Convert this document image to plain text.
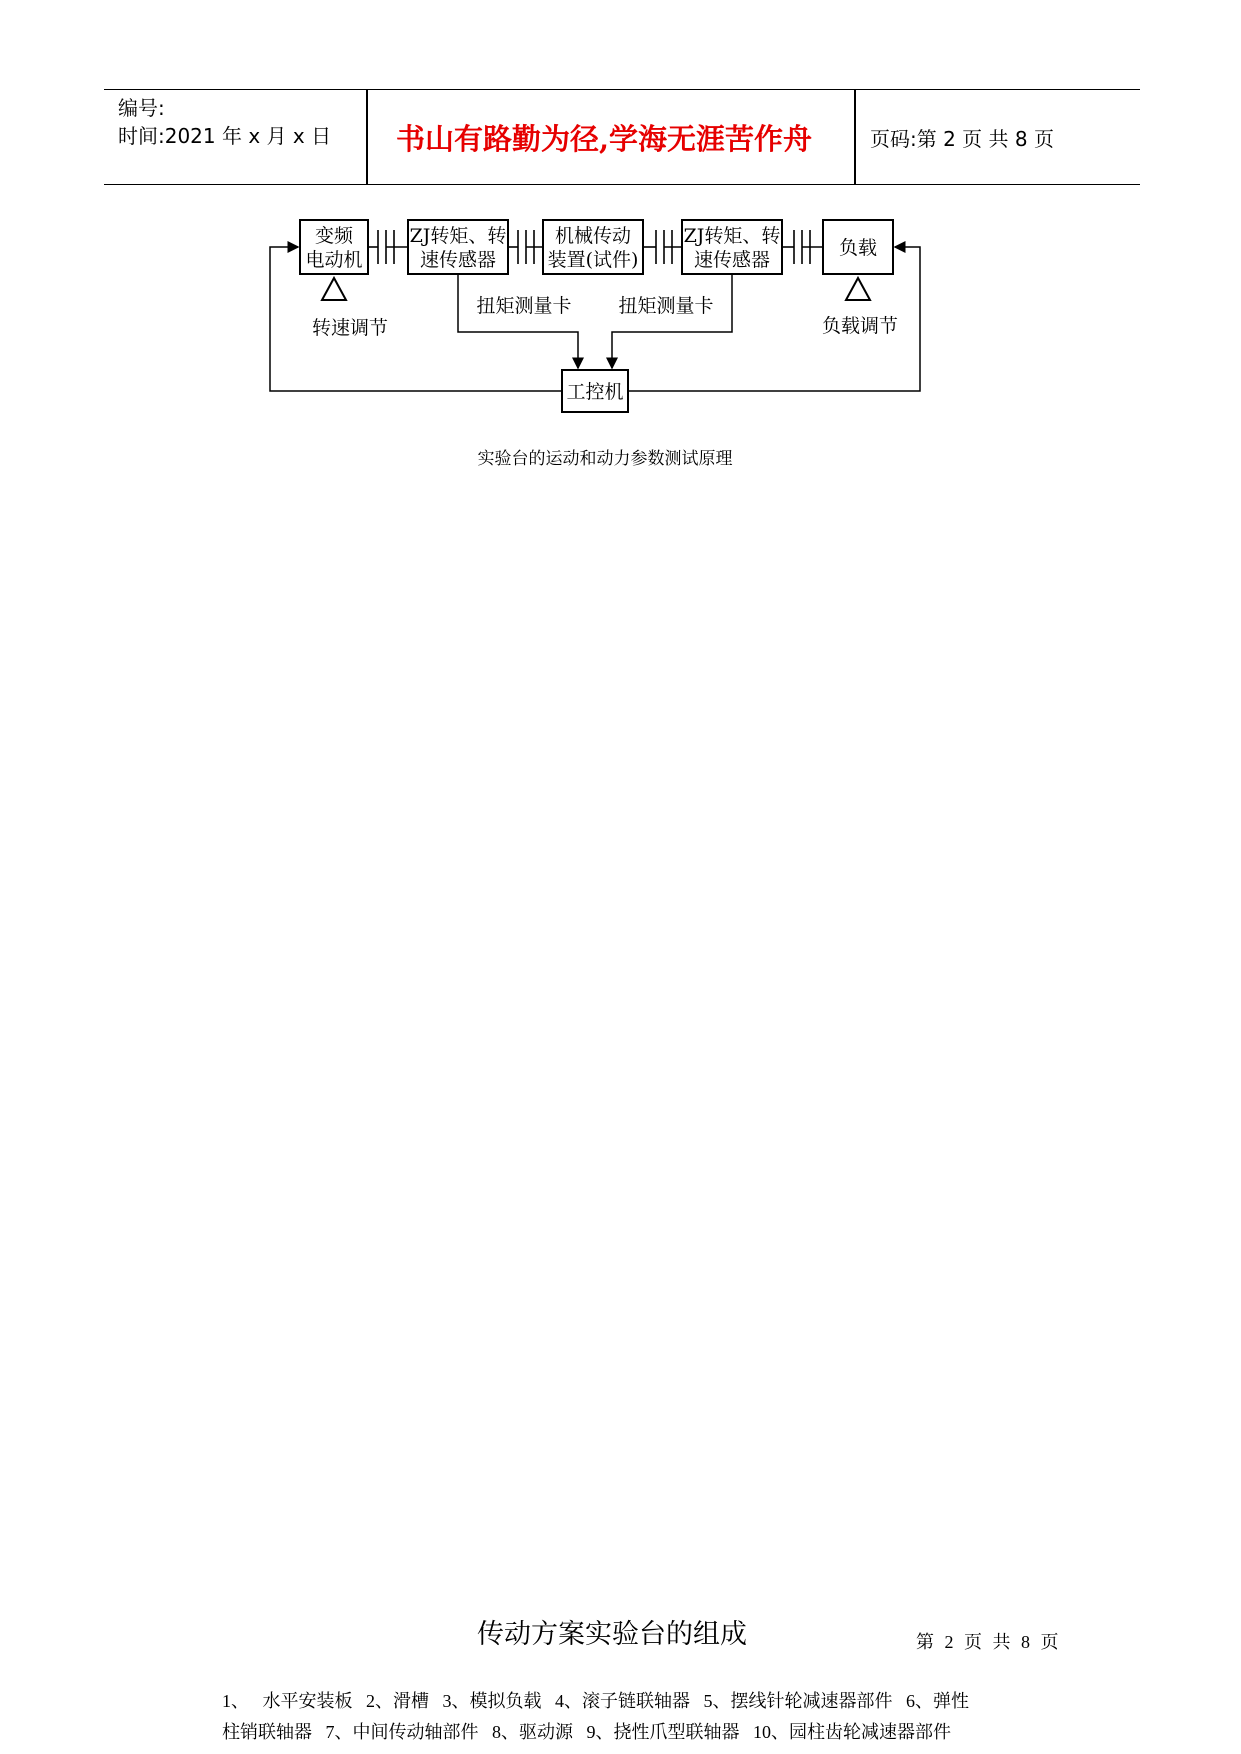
编号:
时间:2021 年 x 月 x 日	书山有路勤为径,学海无涯苦作舟	页码:第 2 页 共 8 页
变频
电动机
ZJ转矩、转
速传感器
机械传动
装置(试件)
ZJ转矩、转
速传感器
负载
工控机
转速调节	负载调节
扭矩测量卡 扭矩测量卡
实验台的运动和动力参数测试原理
传动方案实验台的组成	第 2 页 共 8 页
1、   水平安装板   2、滑槽   3、模拟负载   4、滚子链联轴器   5、摆线针轮减速器部件   6、弹性
柱销联轴器   7、中间传动轴部件   8、驱动源   9、挠性爪型联轴器   10、园柱齿轮减速器部件
